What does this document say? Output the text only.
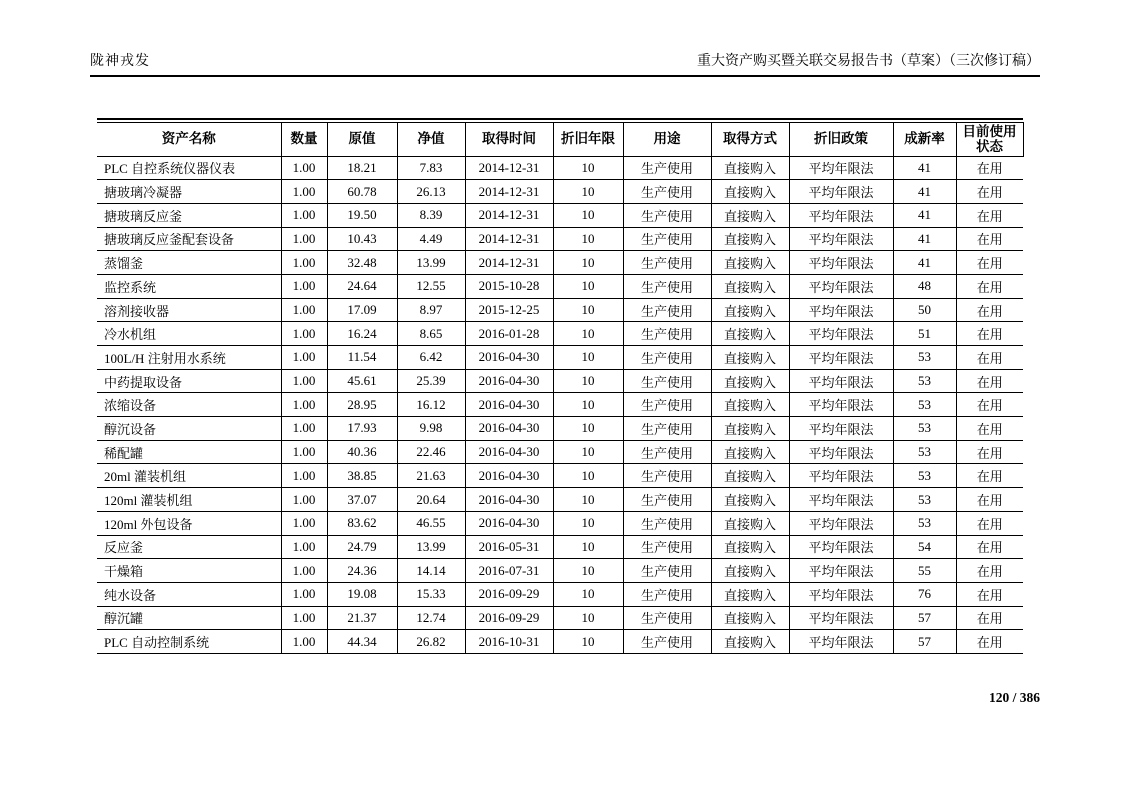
陇神戎发	重大资产购买暨关联交易报告书（草案）（三次修订稿）
资产名称	数量	原值	净值	取得时间	折旧年限	用途	取得方式	折旧政策	成新率	目前使用状态
PLC 自控系统仪器仪表	1.00	18.21	7.83	2014-12-31	10	生产使用	直接购入	平均年限法	41	在用
搪玻璃冷凝器	1.00	60.78	26.13	2014-12-31	10	生产使用	直接购入	平均年限法	41	在用
搪玻璃反应釜	1.00	19.50	8.39	2014-12-31	10	生产使用	直接购入	平均年限法	41	在用
搪玻璃反应釜配套设备	1.00	10.43	4.49	2014-12-31	10	生产使用	直接购入	平均年限法	41	在用
蒸馏釜	1.00	32.48	13.99	2014-12-31	10	生产使用	直接购入	平均年限法	41	在用
监控系统	1.00	24.64	12.55	2015-10-28	10	生产使用	直接购入	平均年限法	48	在用
溶剂接收器	1.00	17.09	8.97	2015-12-25	10	生产使用	直接购入	平均年限法	50	在用
冷水机组	1.00	16.24	8.65	2016-01-28	10	生产使用	直接购入	平均年限法	51	在用
100L/H 注射用水系统	1.00	11.54	6.42	2016-04-30	10	生产使用	直接购入	平均年限法	53	在用
中药提取设备	1.00	45.61	25.39	2016-04-30	10	生产使用	直接购入	平均年限法	53	在用
浓缩设备	1.00	28.95	16.12	2016-04-30	10	生产使用	直接购入	平均年限法	53	在用
醇沉设备	1.00	17.93	9.98	2016-04-30	10	生产使用	直接购入	平均年限法	53	在用
稀配罐	1.00	40.36	22.46	2016-04-30	10	生产使用	直接购入	平均年限法	53	在用
20ml 灌装机组	1.00	38.85	21.63	2016-04-30	10	生产使用	直接购入	平均年限法	53	在用
120ml 灌装机组	1.00	37.07	20.64	2016-04-30	10	生产使用	直接购入	平均年限法	53	在用
120ml 外包设备	1.00	83.62	46.55	2016-04-30	10	生产使用	直接购入	平均年限法	53	在用
反应釜	1.00	24.79	13.99	2016-05-31	10	生产使用	直接购入	平均年限法	54	在用
干燥箱	1.00	24.36	14.14	2016-07-31	10	生产使用	直接购入	平均年限法	55	在用
纯水设备	1.00	19.08	15.33	2016-09-29	10	生产使用	直接购入	平均年限法	76	在用
醇沉罐	1.00	21.37	12.74	2016-09-29	10	生产使用	直接购入	平均年限法	57	在用
PLC 自动控制系统	1.00	44.34	26.82	2016-10-31	10	生产使用	直接购入	平均年限法	57	在用
120 / 386
